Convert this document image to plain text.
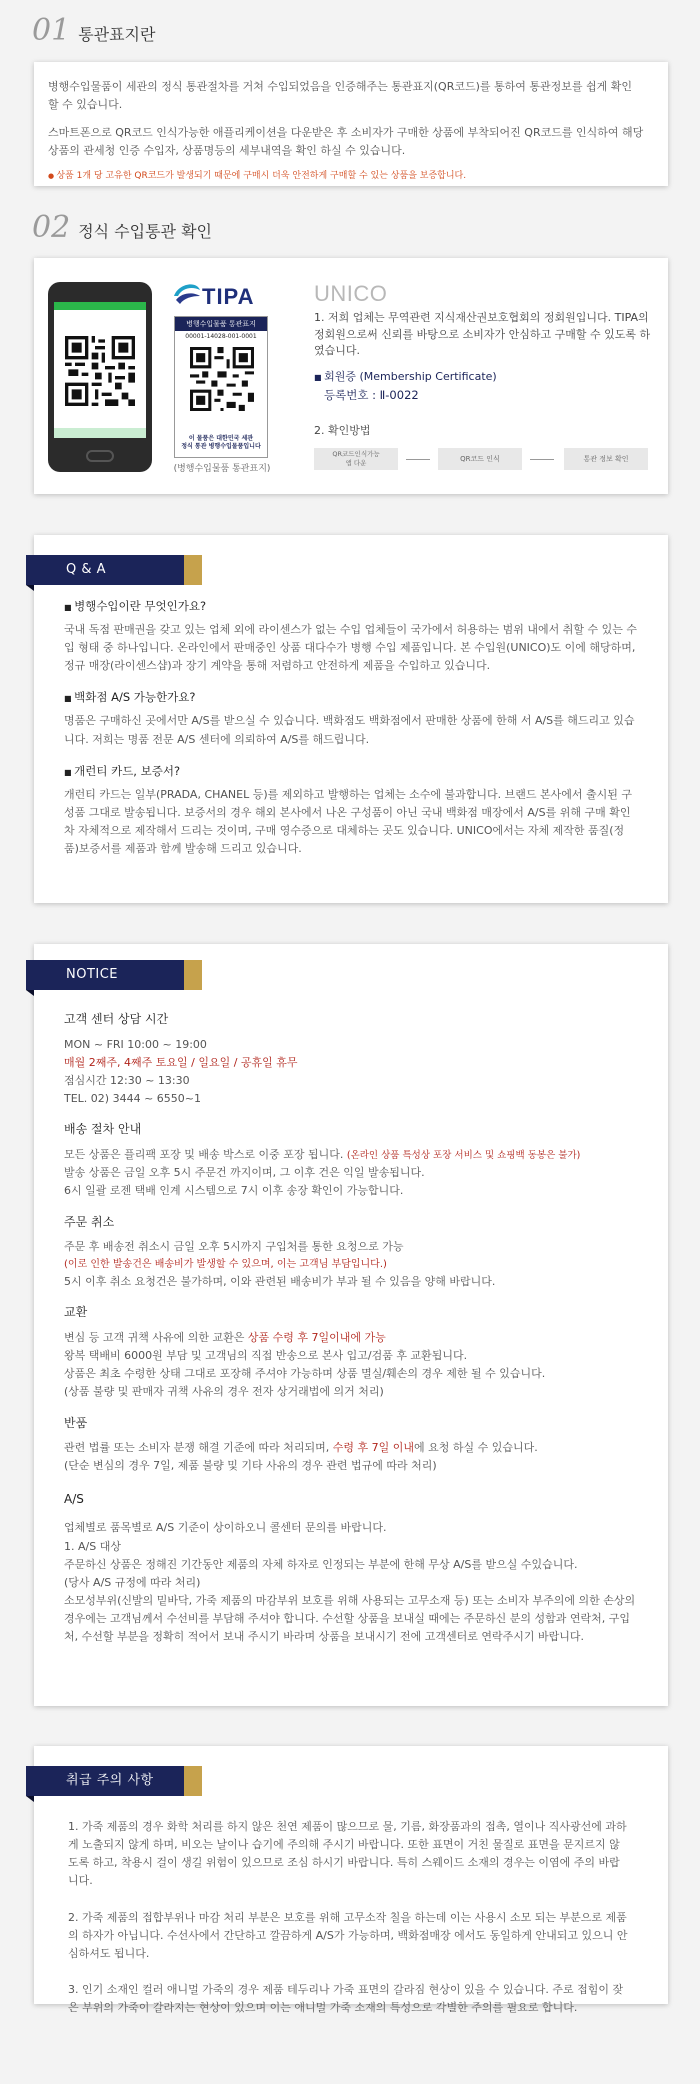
01 통관표지란

병행수입물품이 세관의 정식 통관절차를 거쳐 수입되었음을 인증해주는 통관표지(QR코드)를 통하여 통관정보를 쉽게 확인 할 수 있습니다.

스마트폰으로 QR코드 인식가능한 애플리케이션을 다운받은 후 소비자가 구매한 상품에 부착되어진 QR코드를 인식하여 해당 상품의 관세청 인증 수입자, 상품명등의 세부내역을 확인 하실 수 있습니다.

● 상품 1개 당 고유한 QR코드가 발생되기 때문에 구매시 더욱 안전하게 구매할 수 있는 상품을 보증합니다.

02 정식 수입통관 확인
TIPA
병행수입물품 통관표지
00001-14028-001-0001
이 물품은 대한민국 세관
정식 통관 병행수입물품입니다
(병행수입물품 통관표지)
UNICO

1. 저희 업체는 무역관련 지식재산권보호협회의 정회원입니다. TIPA의 정회원으로써 신뢰를 바탕으로 소비자가 안심하고 구매할 수 있도록 하였습니다.

■ 회원증 (Membership Certificate)
등록번호 : Ⅱ-0022
2. 확인방법
QR코드인식가능
앱 다운	QR코드 인식	통관 정보 확인
Q & A
■ 병행수입이란 무엇인가요?

국내 독점 판매권을 갖고 있는 업체 외에 라이센스가 없는 수입 업체들이 국가에서 허용하는 범위 내에서 취할 수 있는 수입 형태 중 하나입니다. 온라인에서 판매중인 상품 대다수가 병행 수입 제품입니다. 본 수입원(UNICO)도 이에 해당하며, 정규 매장(라이센스샵)과 장기 계약을 통해 저렴하고 안전하게 제품을 수입하고 있습니다.

■ 백화점 A/S 가능한가요?

명품은 구매하신 곳에서만 A/S를 받으실 수 있습니다. 백화점도 백화점에서 판매한 상품에 한해 서 A/S를 해드리고 있습니다. 저희는 명품 전문 A/S 센터에 의뢰하여 A/S를 해드립니다.

■ 개런티 카드, 보증서?

개런티 카드는 일부(PRADA, CHANEL 등)를 제외하고 발행하는 업체는 소수에 불과합니다. 브랜드 본사에서 출시된 구성품 그대로 발송됩니다. 보증서의 경우 해외 본사에서 나온 구성품이 아닌 국내 백화점 매장에서 A/S를 위해 구매 확인차 자체적으로 제작해서 드리는 것이며, 구매 영수증으로 대체하는 곳도 있습니다. UNICO에서는 자체 제작한 품질(정품)보증서를 제품과 함께 발송해 드리고 있습니다.

NOTICE
고객 센터 상담 시간

MON ~ FRI 10:00 ~ 19:00

매월 2째주, 4째주 토요일 / 일요일 / 공휴일 휴무

점심시간 12:30 ~ 13:30

TEL. 02) 3444 ~ 6550~1

배송 절차 안내

모든 상품은 플리팩 포장 및 배송 박스로 이중 포장 됩니다. (온라인 상품 특성상 포장 서비스 및 쇼핑백 동봉은 불가)

발송 상품은 금일 오후 5시 주문건 까지이며, 그 이후 건은 익일 발송됩니다.

6시 일괄 로젠 택배 인계 시스템으로 7시 이후 송장 확인이 가능합니다.

주문 취소

주문 후 배송전 취소시 금일 오후 5시까지 구입처를 통한 요청으로 가능

(이로 인한 발송건은 배송비가 발생할 수 있으며, 이는 고객님 부담입니다.)

5시 이후 취소 요청건은 불가하며, 이와 관련된 배송비가 부과 될 수 있음을 양해 바랍니다.

교환

변심 등 고객 귀책 사유에 의한 교환은 상품 수령 후 7일이내에 가능

왕복 택배비 6000원 부담 및 고객님의 직접 반송으로 본사 입고/검품 후 교환됩니다.

상품은 최초 수령한 상태 그대로 포장해 주셔야 가능하며 상품 멸실/훼손의 경우 제한 될 수 있습니다.

(상품 불량 및 판매자 귀책 사유의 경우 전자 상거래법에 의거 처리)

반품

관련 법률 또는 소비자 분쟁 해결 기준에 따라 처리되며, 수령 후 7일 이내에 요청 하실 수 있습니다.

(단순 변심의 경우 7일, 제품 불량 및 기타 사유의 경우 관련 법규에 따라 처리)

A/S

업체별로 품목별로 A/S 기준이 상이하오니 콜센터 문의를 바랍니다.

1. A/S 대상

주문하신 상품은 정해진 기간동안 제품의 자체 하자로 인정되는 부분에 한해 무상 A/S를 받으실 수있습니다.

(당사 A/S 규정에 따라 처리)

소모성부위(신발의 밑바닥, 가죽 제품의 마감부위 보호를 위해 사용되는 고무소재 등) 또는 소비자 부주의에 의한 손상의 경우에는 고객님께서 수선비를 부담해 주셔야 합니다. 수선할 상품을 보내실 때에는 주문하신 분의 성함과 연락처, 구입처, 수선할 부분을 정확히 적어서 보내 주시기 바라며 상품을 보내시기 전에 고객센터로 연락주시기 바랍니다.

취급 주의 사항

1. 가죽 제품의 경우 화학 처리를 하지 않은 천연 제품이 많으므로 물, 기름, 화장품과의 접촉, 열이나 직사광선에 과하게 노출되지 않게 하며, 비오는 날이나 습기에 주의해 주시기 바랍니다. 또한 표면이 거친 물질로 표면을 문지르지 않도록 하고, 착용시 걸이 생길 위험이 있으므로 조심 하시기 바랍니다. 특히 스웨이드 소재의 경우는 이염에 주의 바랍니다.

2. 가죽 제품의 접합부위나 마감 처리 부분은 보호를 위해 고무소작 칠을 하는데 이는 사용시 소모 되는 부분으로 제품의 하자가 아닙니다. 수선사에서 간단하고 깔끔하게 A/S가 가능하며, 백화점매장 에서도 동일하게 안내되고 있으니 안심하셔도 됩니다.

3. 인기 소재인 컬러 애니멀 가죽의 경우 제품 테두리나 가죽 표면의 갈라짐 현상이 있을 수 있습니다. 주로 접힘이 잦은 부위의 가죽이 갈라지는 현상이 있으며 이는 애니멀 가죽 소재의 특성으로 각별한 주의를 필요로 합니다.
